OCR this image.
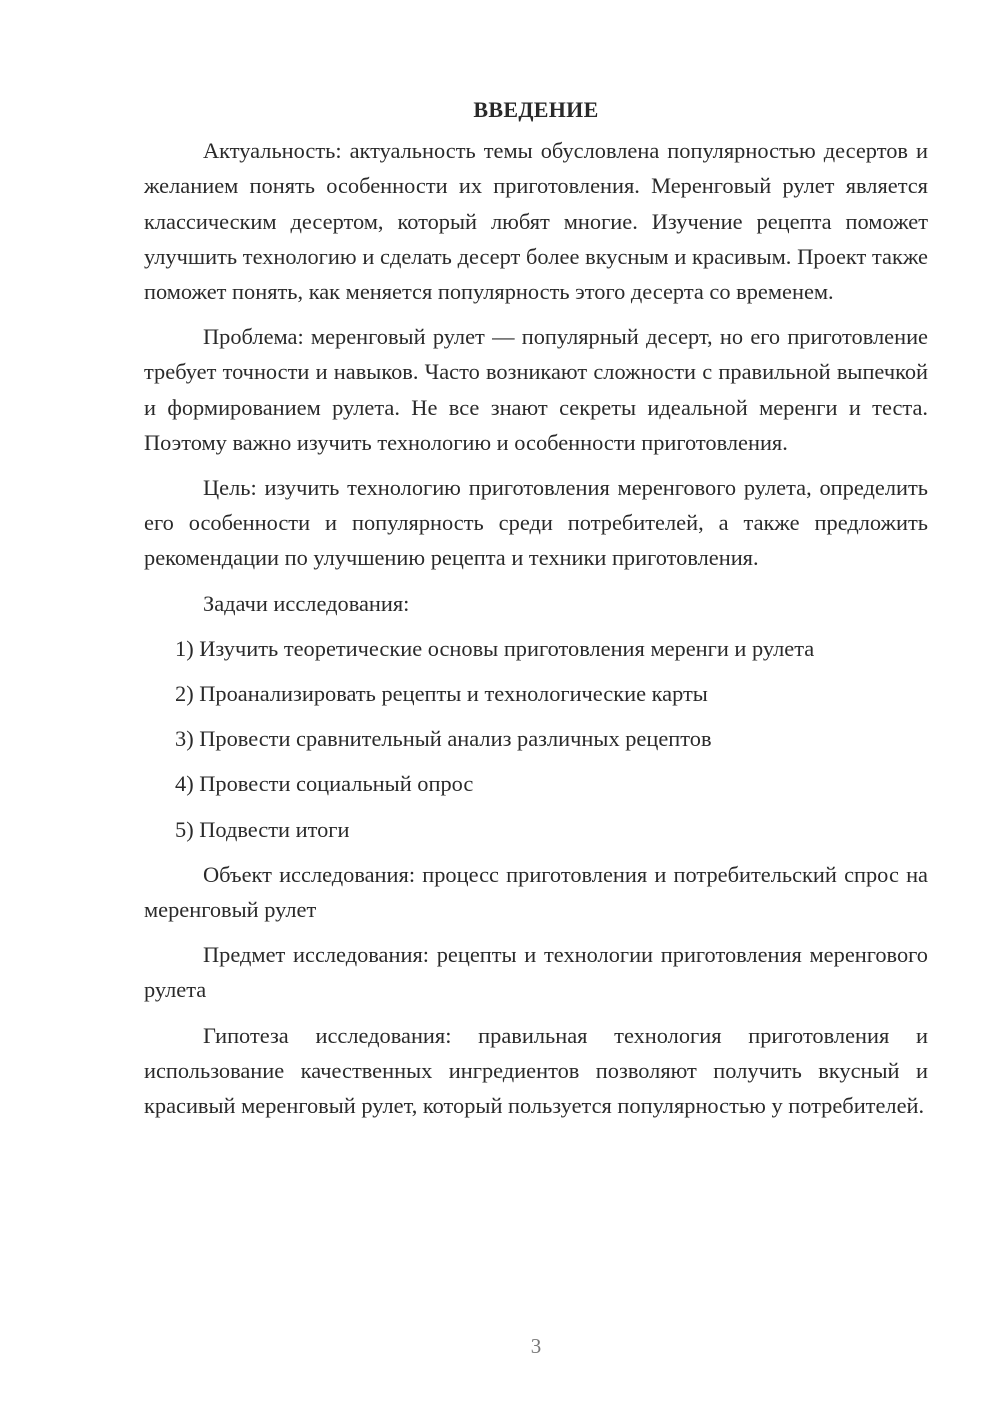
ВВЕДЕНИЕ

Актуальность: актуальность темы обусловлена популярностью десертов и желанием понять особенности их приготовления. Меренговый рулет является классическим десертом, который любят многие. Изучение рецепта поможет улучшить технологию и сделать десерт более вкусным и красивым. Проект также поможет понять, как меняется популярность этого десерта со временем.

Проблема: меренговый рулет — популярный десерт, но его приготовление требует точности и навыков. Часто возникают сложности с правильной выпечкой и формированием рулета. Не все знают секреты идеальной меренги и теста. Поэтому важно изучить технологию и особенности приготовления.

Цель: изучить технологию приготовления меренгового рулета, определить его особенности и популярность среди потребителей, а также предложить рекомендации по улучшению рецепта и техники приготовления.

Задачи исследования:

1) Изучить теоретические основы приготовления меренги и рулета
2) Проанализировать рецепты и технологические карты
3) Провести сравнительный анализ различных рецептов
4) Провести социальный опрос
5) Подвести итоги

Объект исследования: процесс приготовления и потребительский спрос на меренговый рулет

Предмет исследования: рецепты и технологии приготовления меренгового рулета

Гипотеза исследования: правильная технология приготовления и использование качественных ингредиентов позволяют получить вкусный и красивый меренговый рулет, который пользуется популярностью у потребителей.

3
